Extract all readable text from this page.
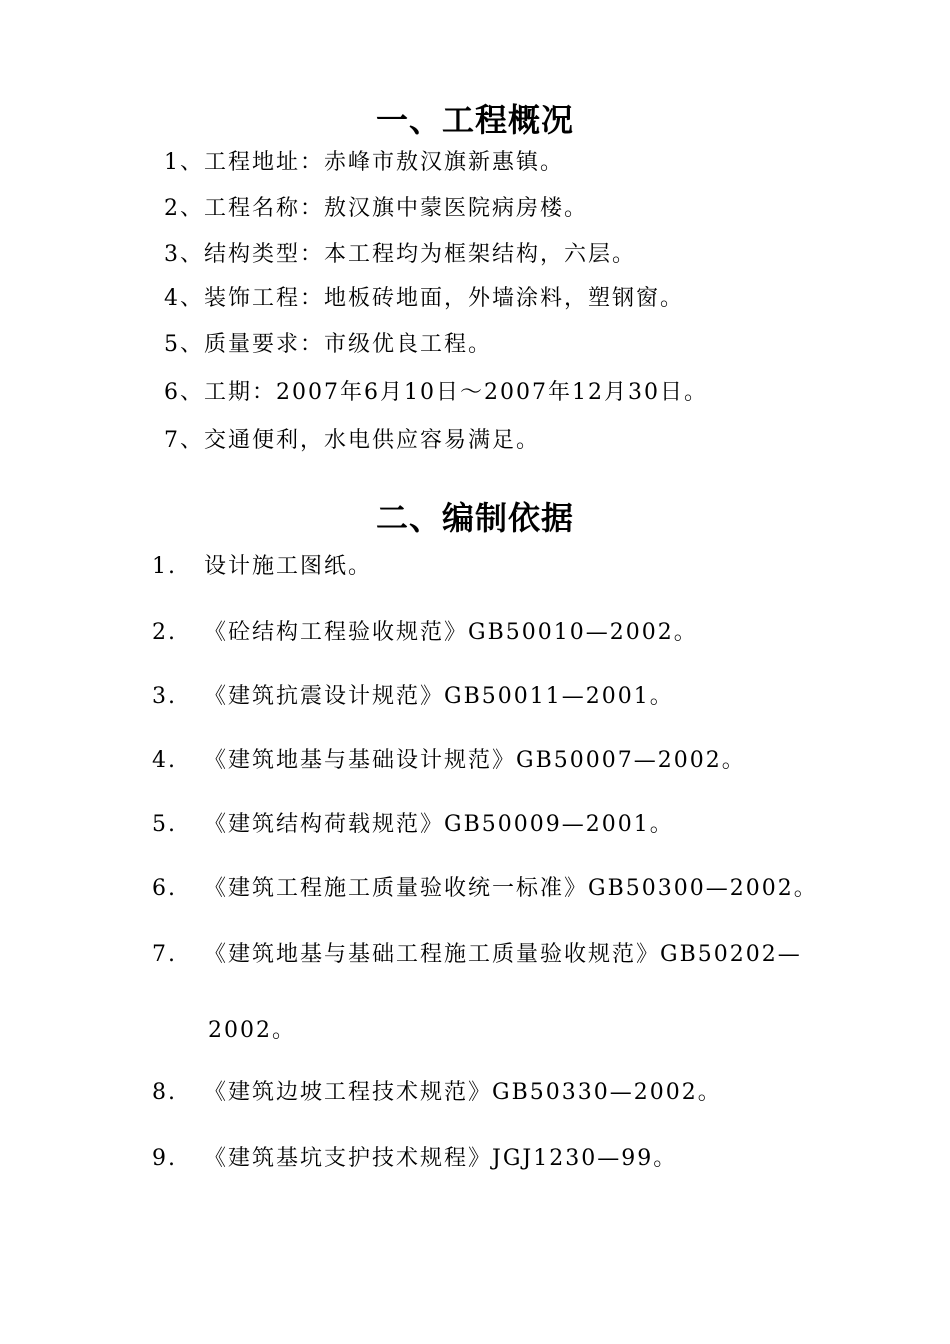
一、工程概况
1、工程地址：赤峰市敖汉旗新惠镇。
2、工程名称：敖汉旗中蒙医院病房楼。
3、结构类型：本工程均为框架结构，六层。
4、装饰工程：地板砖地面，外墙涂料，塑钢窗。
5、质量要求：市级优良工程。
6、工期：2007年6月10日～2007年12月30日。
7、交通便利，水电供应容易满足。
二、编制依据
1. 设计施工图纸。
2. 《砼结构工程验收规范》GB50010—2002。
3. 《建筑抗震设计规范》GB50011—2001。
4. 《建筑地基与基础设计规范》GB50007—2002。
5. 《建筑结构荷载规范》GB50009—2001。
6. 《建筑工程施工质量验收统一标准》GB50300—2002。
7. 《建筑地基与基础工程施工质量验收规范》GB50202—
2002。
8. 《建筑边坡工程技术规范》GB50330—2002。
9. 《建筑基坑支护技术规程》JGJ1230—99。
